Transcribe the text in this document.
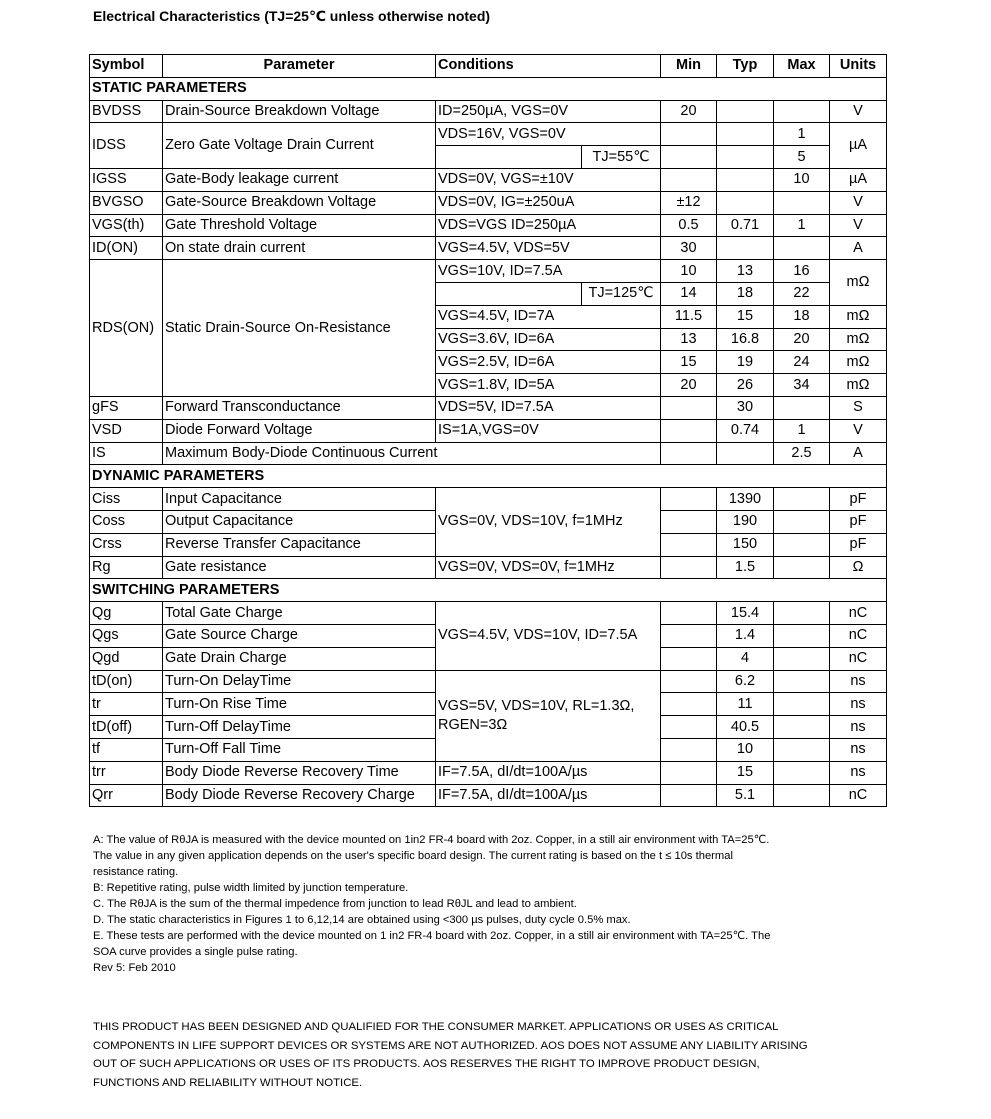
Electrical Characteristics (TJ=25℃ unless otherwise noted)
Symbol	Parameter	Conditions		Min	Typ	Max	Units
STATIC PARAMETERS							
BVDSS	Drain-Source Breakdown Voltage	ID=250µA, VGS=0V		20			V
IDSS	Zero Gate Voltage Drain Current	VDS=16V, VGS=0V				1	µA
			TJ=55℃			5	
IGSS	Gate-Body leakage current	VDS=0V, VGS=±10V				10	µA
BVGSO	Gate-Source Breakdown Voltage	VDS=0V, IG=±250uA		±12			V
VGS(th)	Gate Threshold Voltage	VDS=VGS ID=250µA		0.5	0.71	1	V
ID(ON)	On state drain current	VGS=4.5V, VDS=5V		30			A
RDS(ON)	Static Drain-Source On-Resistance	VGS=10V, ID=7.5A		10	13	16	mΩ
			TJ=125℃	14	18	22	
		VGS=4.5V, ID=7A		11.5	15	18	mΩ
		VGS=3.6V, ID=6A		13	16.8	20	mΩ
		VGS=2.5V, ID=6A		15	19	24	mΩ
		VGS=1.8V, ID=5A		20	26	34	mΩ
gFS	Forward Transconductance	VDS=5V, ID=7.5A			30		S
VSD	Diode Forward Voltage	IS=1A,VGS=0V			0.74	1	V
IS	Maximum Body-Diode Continuous Current					2.5	A
DYNAMIC PARAMETERS							
Ciss	Input Capacitance	VGS=0V, VDS=10V, f=1MHz			1390		pF
Coss	Output Capacitance				190		pF
Crss	Reverse Transfer Capacitance				150		pF
Rg	Gate resistance	VGS=0V, VDS=0V, f=1MHz			1.5		Ω
SWITCHING PARAMETERS							
Qg	Total Gate Charge	VGS=4.5V, VDS=10V, ID=7.5A			15.4		nC
Qgs	Gate Source Charge				1.4		nC
Qgd	Gate Drain Charge				4		nC
tD(on)	Turn-On DelayTime	VGS=5V, VDS=10V, RL=1.3Ω, RGEN=3Ω			6.2		ns
tr	Turn-On Rise Time				11		ns
tD(off)	Turn-Off DelayTime				40.5		ns
tf	Turn-Off Fall Time				10		ns
trr	Body Diode Reverse Recovery Time	IF=7.5A, dI/dt=100A/µs			15		ns
Qrr	Body Diode Reverse Recovery Charge	IF=7.5A, dI/dt=100A/µs			5.1		nC
A: The value of RθJA is measured with the device mounted on 1in2 FR-4 board with 2oz. Copper, in a still air environment with TA=25℃.
The value in any given application depends on the user's specific board design. The current rating is based on the t ≤ 10s thermal
resistance rating.
B: Repetitive rating, pulse width limited by junction temperature.
C. The RθJA is the sum of the thermal impedence from junction to lead RθJL and lead to ambient.
D. The static characteristics in Figures 1 to 6,12,14 are obtained using <300 µs pulses, duty cycle 0.5% max.
E. These tests are performed with the device mounted on 1 in2 FR-4 board with 2oz. Copper, in a still air environment with TA=25℃. The
SOA curve provides a single pulse rating.
Rev 5: Feb 2010
THIS PRODUCT HAS BEEN DESIGNED AND QUALIFIED FOR THE CONSUMER MARKET. APPLICATIONS OR USES AS CRITICAL
COMPONENTS IN LIFE SUPPORT DEVICES OR SYSTEMS ARE NOT AUTHORIZED. AOS DOES NOT ASSUME ANY LIABILITY ARISING
OUT OF SUCH APPLICATIONS OR USES OF ITS PRODUCTS. AOS RESERVES THE RIGHT TO IMPROVE PRODUCT DESIGN,
FUNCTIONS AND RELIABILITY WITHOUT NOTICE.
